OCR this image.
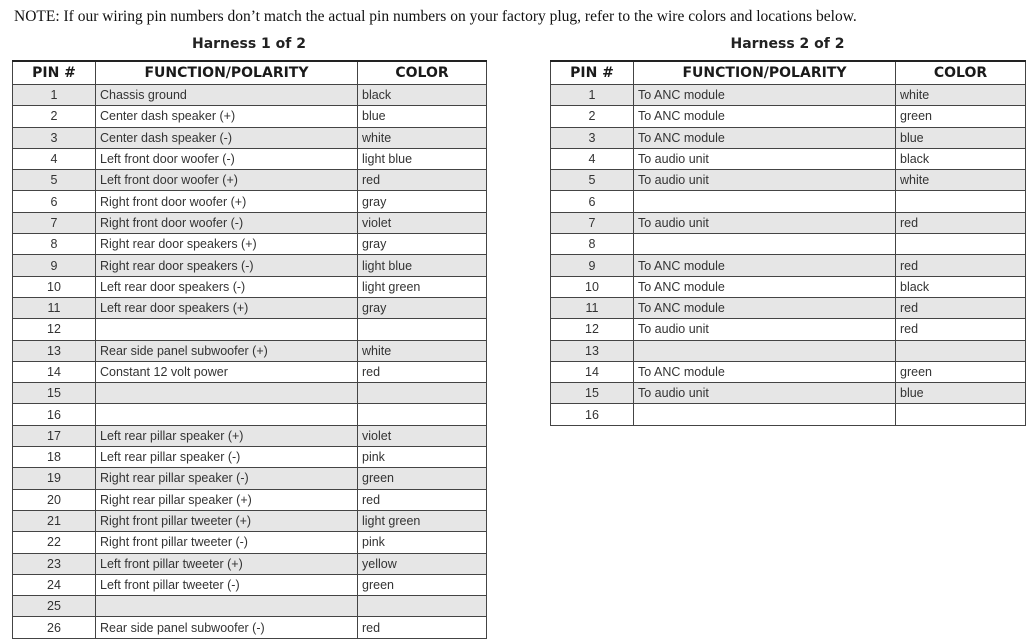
NOTE: If our wiring pin numbers don’t match the actual pin numbers on your factory plug, refer to the wire colors and locations below.
Harness 1 of 2
PIN #	FUNCTION/POLARITY	COLOR
1	Chassis ground	black
2	Center dash speaker (+)	blue
3	Center dash speaker (-)	white
4	Left front door woofer (-)	light blue
5	Left front door woofer (+)	red
6	Right front door woofer (+)	gray
7	Right front door woofer (-)	violet
8	Right rear door speakers (+)	gray
9	Right rear door speakers (-)	light blue
10	Left rear door speakers (-)	light green
11	Left rear door speakers (+)	gray
12		
13	Rear side panel subwoofer (+)	white
14	Constant 12 volt power	red
15		
16		
17	Left rear pillar speaker (+)	violet
18	Left rear pillar speaker (-)	pink
19	Right rear pillar speaker (-)	green
20	Right rear pillar speaker (+)	red
21	Right front pillar tweeter (+)	light green
22	Right front pillar tweeter (-)	pink
23	Left front pillar tweeter (+)	yellow
24	Left front pillar tweeter (-)	green
25		
26	Rear side panel subwoofer (-)	red
Harness 2 of 2
PIN #	FUNCTION/POLARITY	COLOR
1	To ANC module	white
2	To ANC module	green
3	To ANC module	blue
4	To audio unit	black
5	To audio unit	white
6		
7	To audio unit	red
8		
9	To ANC module	red
10	To ANC module	black
11	To ANC module	red
12	To audio unit	red
13		
14	To ANC module	green
15	To audio unit	blue
16		
